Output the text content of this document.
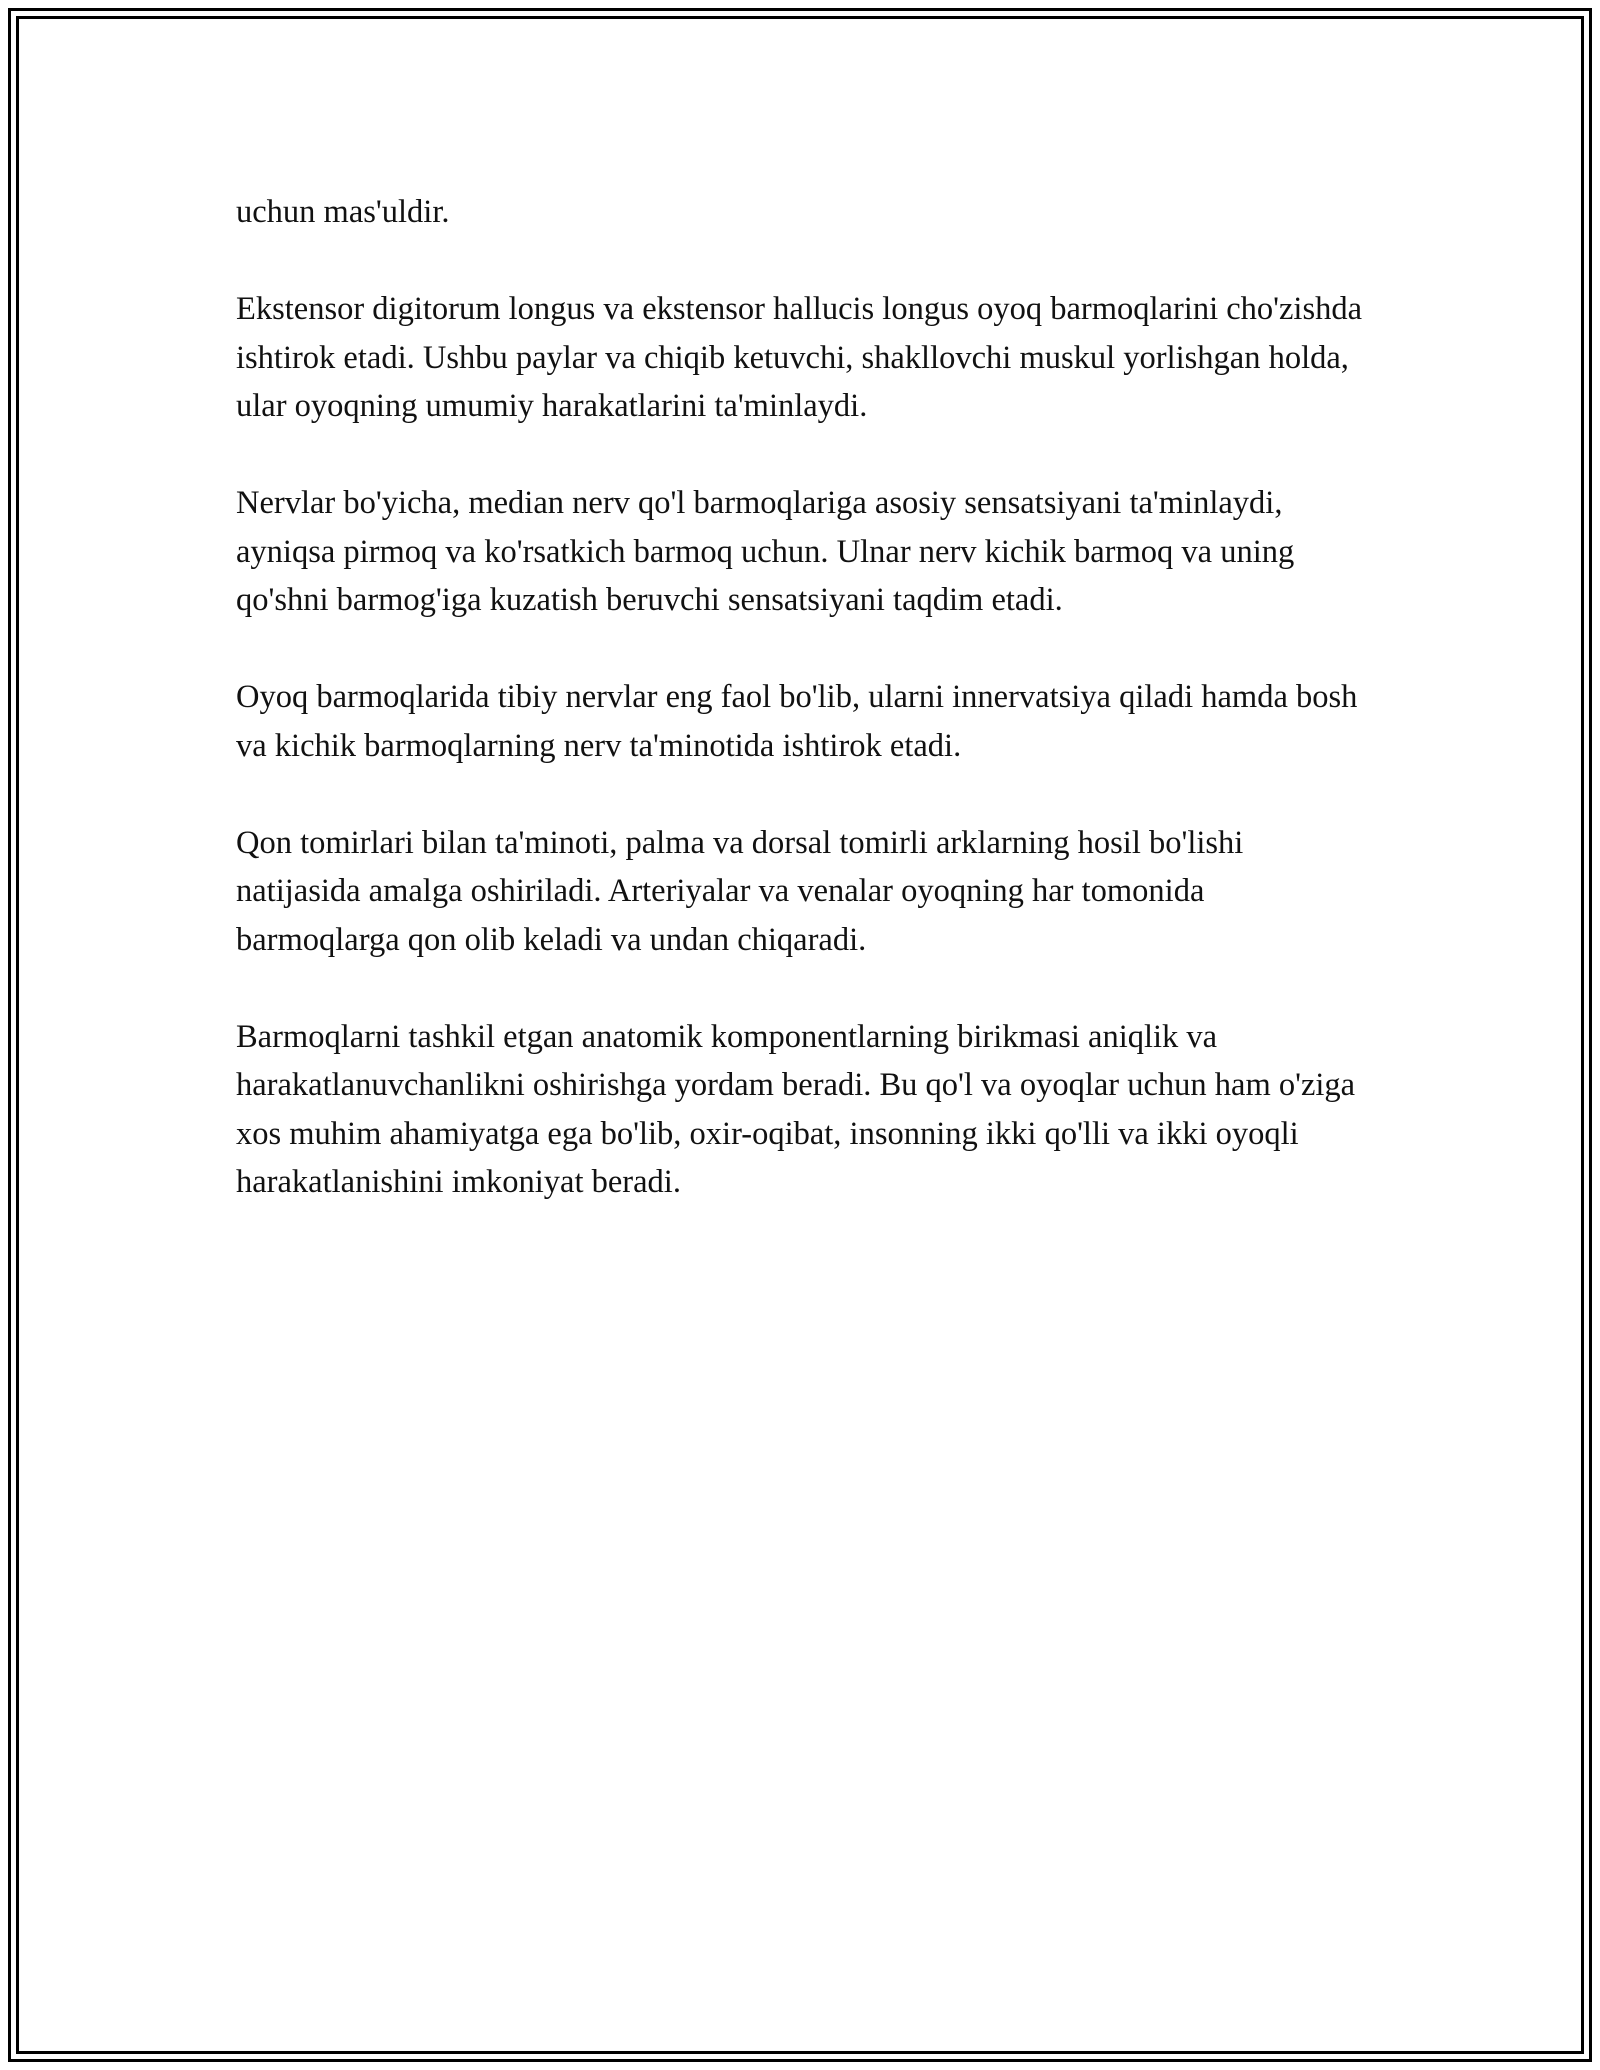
uchun mas'uldir.

Ekstensor digitorum longus va ekstensor hallucis longus oyoq barmoqlarini cho'zishda ishtirok etadi. Ushbu paylar va chiqib ketuvchi, shakllovchi muskul yorlishgan holda, ular oyoqning umumiy harakatlarini ta'minlaydi.

Nervlar bo'yicha, median nerv qo'l barmoqlariga asosiy sensatsiyani ta'minlaydi, ayniqsa pirmoq va ko'rsatkich barmoq uchun. Ulnar nerv kichik barmoq va uning qo'shni barmog'iga kuzatish beruvchi sensatsiyani taqdim etadi.

Oyoq barmoqlarida tibiy nervlar eng faol bo'lib, ularni innervatsiya qiladi hamda bosh va kichik barmoqlarning nerv ta'minotida ishtirok etadi.

Qon tomirlari bilan ta'minoti, palma va dorsal tomirli arklarning hosil bo'lishi natijasida amalga oshiriladi. Arteriyalar va venalar oyoqning har tomonida barmoqlarga qon olib keladi va undan chiqaradi.

Barmoqlarni tashkil etgan anatomik komponentlarning birikmasi aniqlik va harakatlanuvchanlikni oshirishga yordam beradi. Bu qo'l va oyoqlar uchun ham o'ziga xos muhim ahamiyatga ega bo'lib, oxir-oqibat, insonning ikki qo'lli va ikki oyoqli harakatlanishini imkoniyat beradi.
